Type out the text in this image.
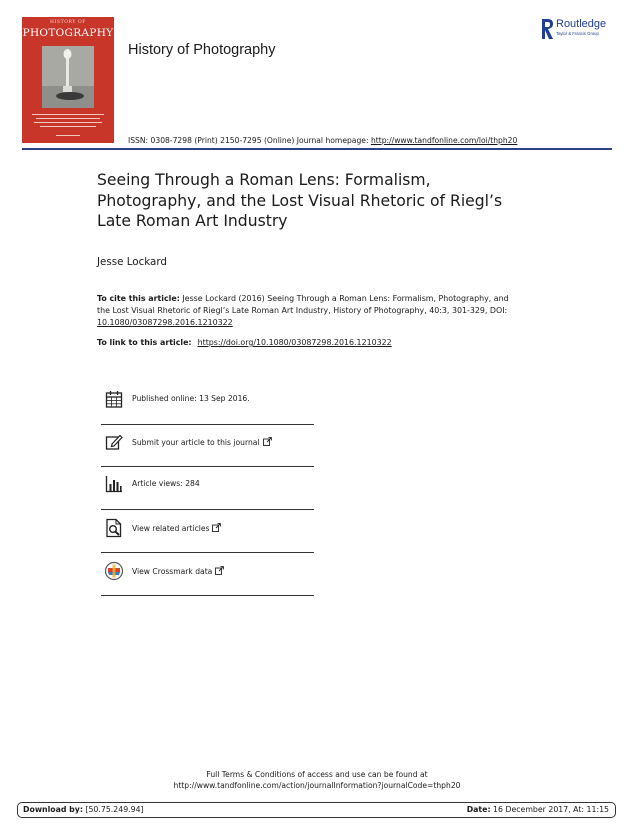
HISTORY OF
PHOTOGRAPHY
History of Photography
Routledge
Taylor & Francis Group
ISSN: 0308-7298 (Print) 2150-7295 (Online) Journal homepage: http://www.tandfonline.com/loi/thph20
Seeing Through a Roman Lens: Formalism, Photography, and the Lost Visual Rhetoric of Riegl’s Late Roman Art Industry
Jesse Lockard
To cite this article: Jesse Lockard (2016) Seeing Through a Roman Lens: Formalism, Photography, and the Lost Visual Rhetoric of Riegl’s Late Roman Art Industry, History of Photography, 40:3, 301-329, DOI: 10.1080/03087298.2016.1210322
To link to this article: https://doi.org/10.1080/03087298.2016.1210322
Published online: 13 Sep 2016.
Submit your article to this journal
Article views: 284
View related articles
View Crossmark data
Full Terms & Conditions of access and use can be found at
http://www.tandfonline.com/action/journalInformation?journalCode=thph20
Download by: [50.75.249.94]	Date: 16 December 2017, At: 11:15
